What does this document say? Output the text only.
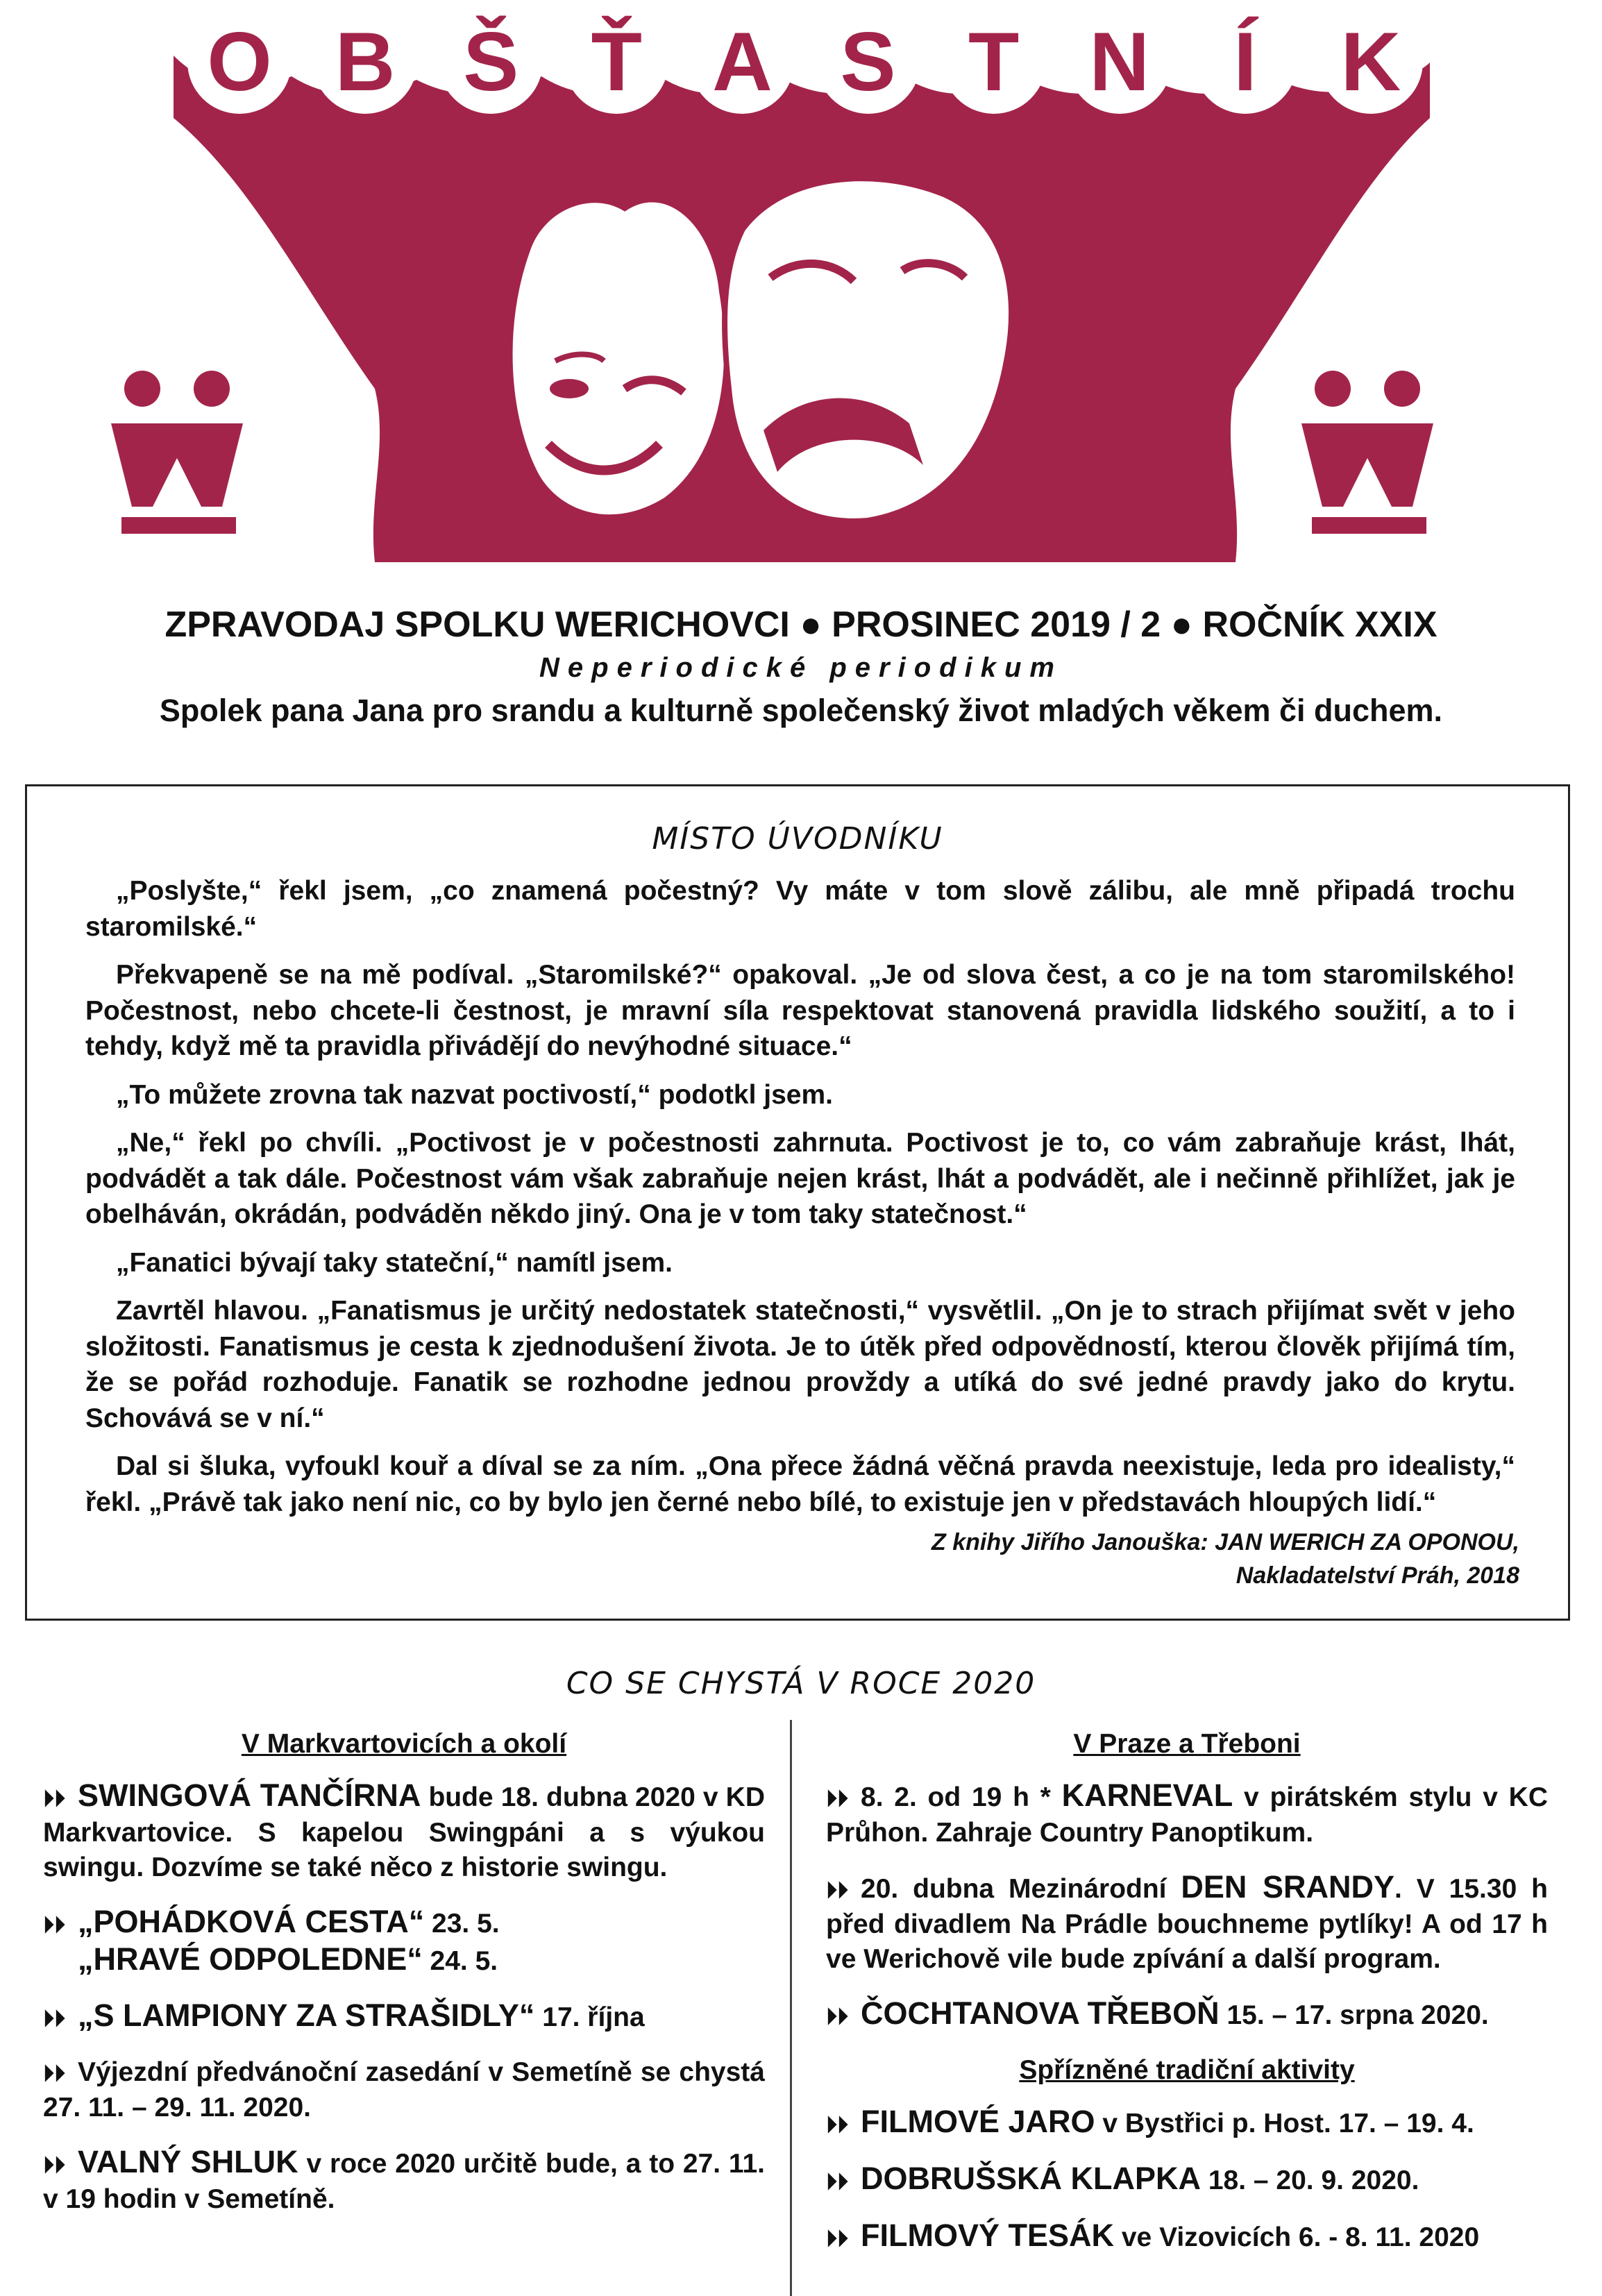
O B Š Ť A S T N	Í	K
ZPRAVODAJ SPOLKU WERICHOVCI ● PROSINEC 2019 / 2 ● ROČNÍK XXIX
Neperiodické periodikum
Spolek pana Jana pro srandu a kulturně společenský život mladých věkem či duchem.
MÍSTO ÚVODNÍKU

„Poslyšte,“ řekl jsem, „co znamená počestný? Vy máte v tom slově zálibu, ale mně připadá trochu staromilské.“

Překvapeně se na mě podíval. „Staromilské?“ opakoval. „Je od slova čest, a co je na tom staromilského! Počestnost, nebo chcete-li čestnost, je mravní síla respektovat stanovená pravidla lidského soužití, a to i tehdy, když mě ta pravidla přivádějí do nevýhodné situace.“

„To můžete zrovna tak nazvat poctivostí,“ podotkl jsem.

„Ne,“ řekl po chvíli. „Poctivost je v počestnosti zahrnuta. Poctivost je to, co vám zabraňuje krást, lhát, podvádět a tak dále. Počestnost vám však zabraňuje nejen krást, lhát a podvádět, ale i nečinně přihlížet, jak je obelháván, okrádán, podváděn někdo jiný. Ona je v tom taky statečnost.“

„Fanatici bývají taky stateční,“ namítl jsem.

Zavrtěl hlavou. „Fanatismus je určitý nedostatek statečnosti,“ vysvětlil. „On je to strach přijímat svět v jeho složitosti. Fanatismus je cesta k zjednodušení života. Je to útěk před odpovědností, kterou člověk přijímá tím, že se pořád rozhoduje. Fanatik se rozhodne jednou provždy a utíká do své jedné pravdy jako do krytu. Schovává se v ní.“

Dal si šluka, vyfoukl kouř a díval se za ním. „Ona přece žádná věčná pravda neexistuje, leda pro idealisty,“ řekl. „Právě tak jako není nic, co by bylo jen černé nebo bílé, to existuje jen v představách hloupých lidí.“

Z knihy Jiřího Janouška: JAN WERICH ZA OPONOU,
Nakladatelství Práh, 2018
CO SE CHYSTÁ V ROCE 2020
V Markvartovicích a okolí
⏵⏵ SWINGOVÁ TANČÍRNA bude 18. dubna 2020 v KD Markvartovice. S kapelou Swingpáni a s výukou swingu. Dozvíme se také něco z historie swingu.
⏵⏵ „POHÁDKOVÁ CESTA“ 23. 5.
„HRAVÉ ODPOLEDNE“ 24. 5.
⏵⏵ „S LAMPIONY ZA STRAŠIDLY“ 17. října
⏵⏵ Výjezdní předvánoční zasedání v Semetíně se chystá 27. 11. – 29. 11. 2020.
⏵⏵ VALNÝ SHLUK v roce 2020 určitě bude, a to 27. 11. v 19 hodin v Semetíně.
V Praze a Třeboni
⏵⏵ 8. 2. od 19 h * KARNEVAL v pirátském stylu v KC Průhon. Zahraje Country Panoptikum.
⏵⏵ 20. dubna Mezinárodní DEN SRANDY. V 15.30 h před divadlem Na Prádle bouchneme pytlíky! A od 17 h ve Werichově vile bude zpívání a další program.
⏵⏵ ČOCHTANOVA TŘEBOŇ 15. – 17. srpna 2020.
Spřízněné tradiční aktivity
⏵⏵ FILMOVÉ JARO v Bystřici p. Host. 17. – 19. 4.
⏵⏵ DOBRUŠSKÁ KLAPKA 18. – 20. 9. 2020.
⏵⏵ FILMOVÝ TESÁK ve Vizovicích 6. - 8. 11. 2020
